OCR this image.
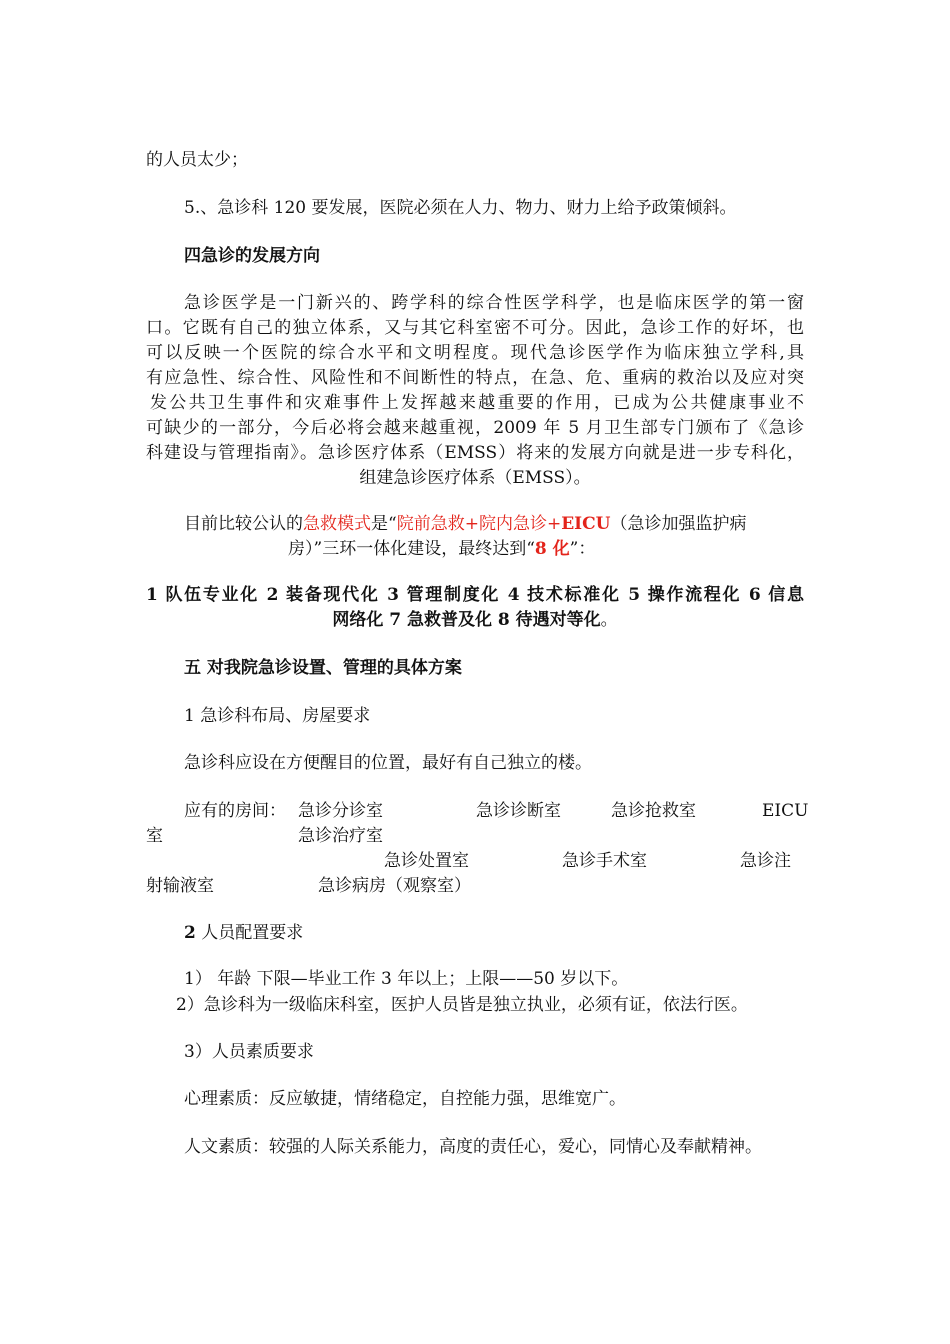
的人员太少；
5.、急诊科 120 要发展，医院必须在人力、物力、财力上给予政策倾斜。
四急诊的发展方向
急诊医学是一门新兴的、跨学科的综合性医学科学，也是临床医学的第一窗
口。它既有自己的独立体系，又与其它科室密不可分。因此，急诊工作的好坏，也
可以反映一个医院的综合水平和文明程度。现代急诊医学作为临床独立学科,具
有应急性、综合性、风险性和不间断性的特点，在急、危、重病的救治以及应对突
发公共卫生事件和灾难事件上发挥越来越重要的作用，已成为公共健康事业不
可缺少的一部分，今后必将会越来越重视，2009 年 5 月卫生部专门颁布了《急诊
科建设与管理指南》。急诊医疗体系（EMSS）将来的发展方向就是进一步专科化，
组建急诊医疗体系（EMSS）。
目前比较公认的急救模式是“院前急救+院内急诊+EICU（急诊加强监护病
房）”三环一体化建设，最终达到“8 化”：
1 队伍专业化 2 装备现代化 3 管理制度化 4 技术标准化 5 操作流程化 6 信息
网络化 7 急救普及化 8 待遇对等化。
五 对我院急诊设置、管理的具体方案
1 急诊科布局、房屋要求
急诊科应设在方便醒目的位置，最好有自己独立的楼。
应有的房间： 急诊分诊室	急诊诊断室	急诊抢救室	EICU
室	急诊治疗室
急诊处置室	急诊手术室	急诊注
射输液室	急诊病房（观察室）
2 人员配置要求
1） 年龄 下限—毕业工作 3 年以上；上限——50 岁以下。
2）急诊科为一级临床科室，医护人员皆是独立执业，必须有证，依法行医。
3）人员素质要求
心理素质：反应敏捷，情绪稳定，自控能力强，思维宽广。
人文素质：较强的人际关系能力，高度的责任心，爱心，同情心及奉献精神。
